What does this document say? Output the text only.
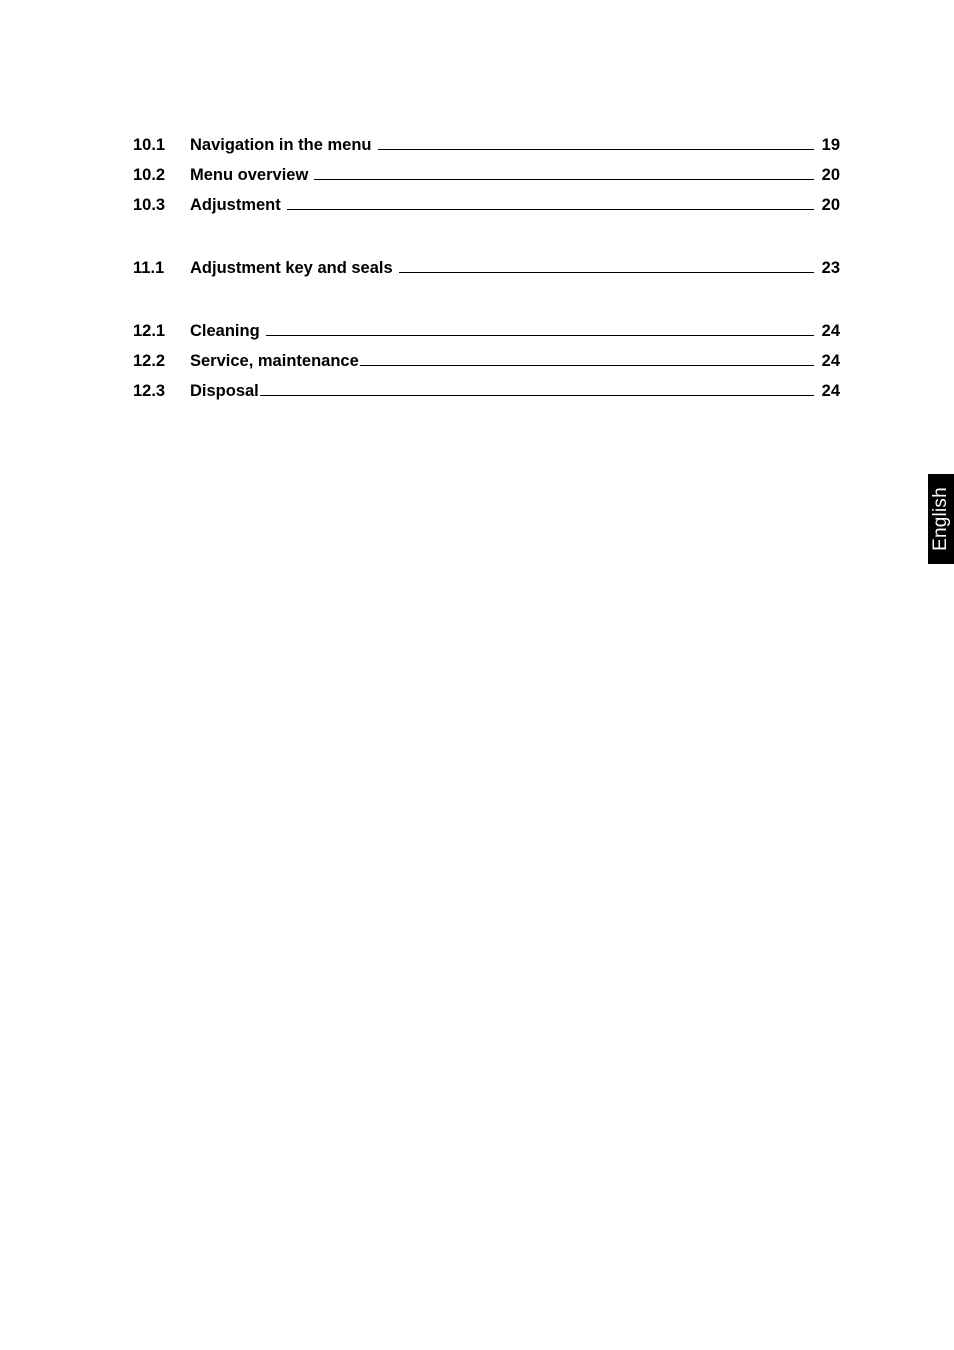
10.1	Navigation in the menu	19
10.2	Menu overview	20
10.3	Adjustment	20
11.1	Adjustment key and seals	23
12.1	Cleaning	24
12.2	Service, maintenance	24
12.3	Disposal	24
English
